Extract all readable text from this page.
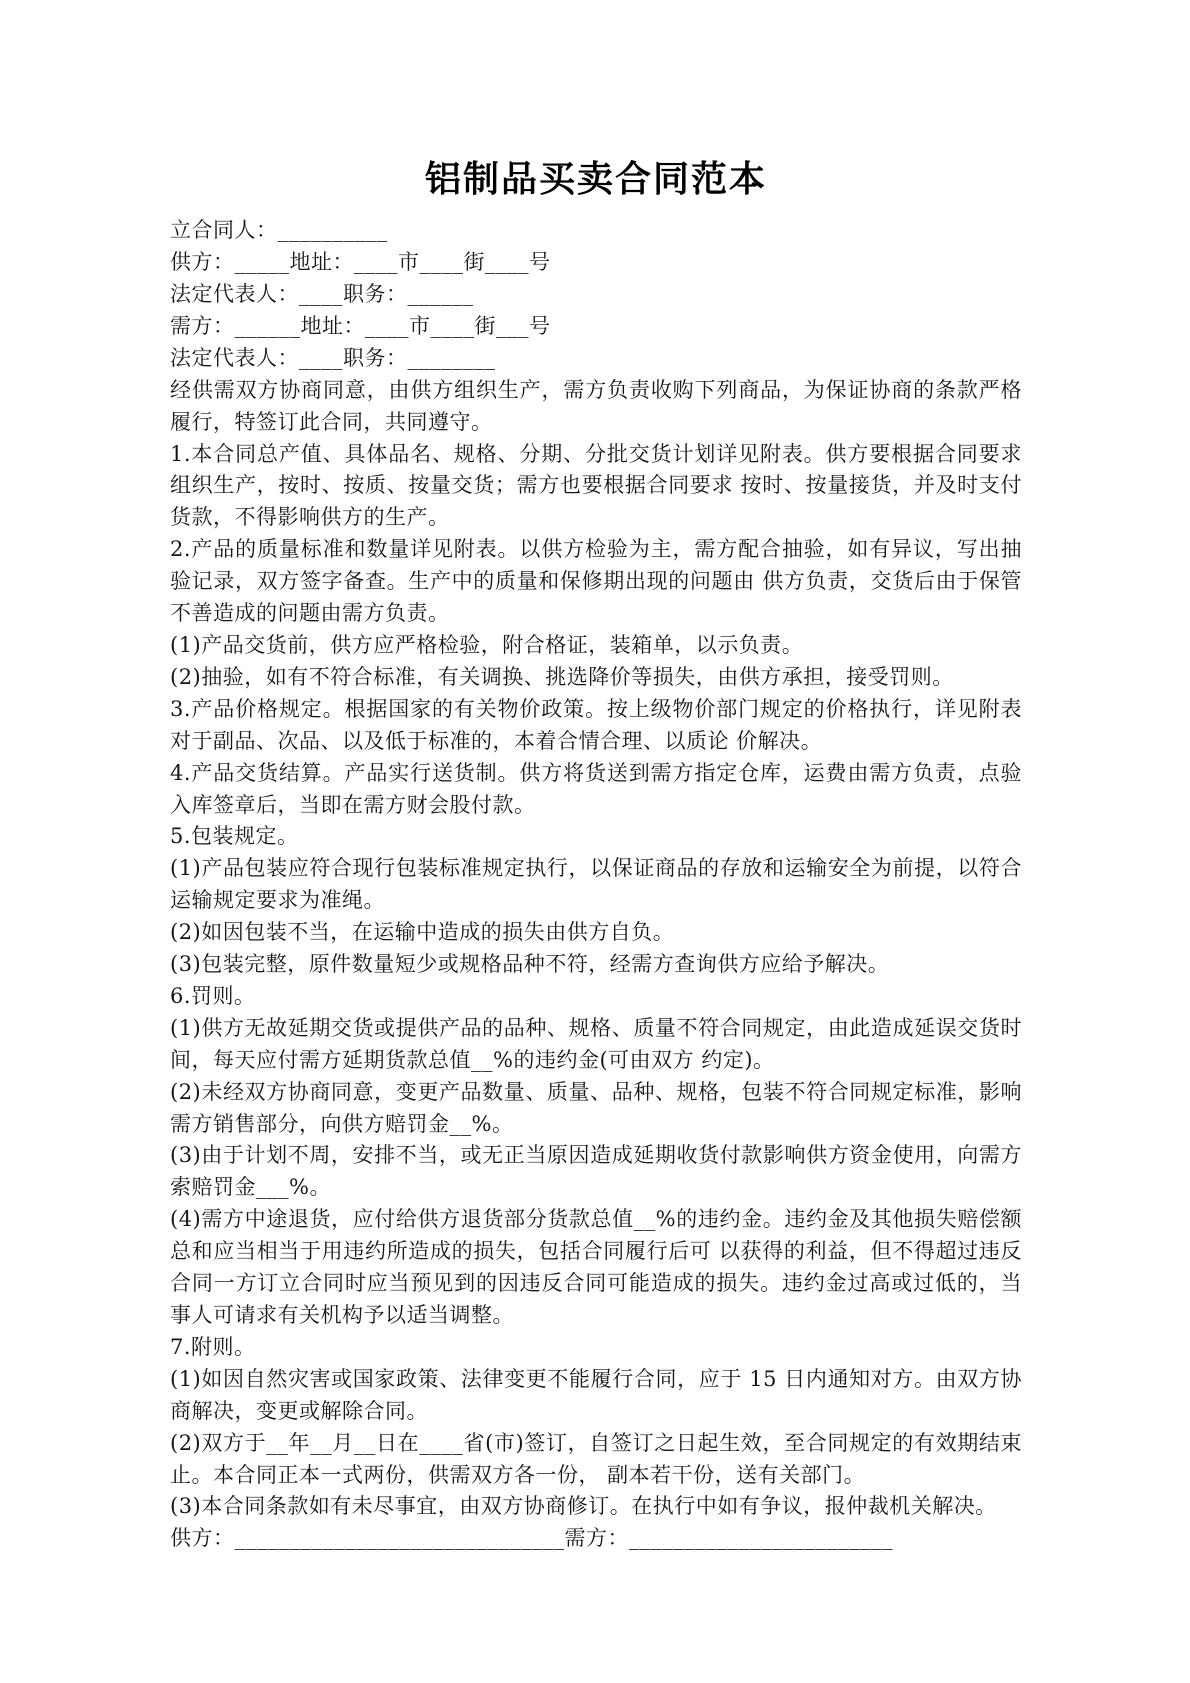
铝制品买卖合同范本

立合同人：__________

供方：_____地址：____市____街____号

法定代表人：____职务：______

需方：______地址：____市____街___号

法定代表人：____职务：________

经供需双方协商同意，由供方组织生产，需方负责收购下列商品，为保证协商的条款严格履行，特签订此合同，共同遵守。

1.本合同总产值、具体品名、规格、分期、分批交货计划详见附表。供方要根据合同要求组织生产，按时、按质、按量交货；需方也要根据合同要求 按时、按量接货，并及时支付货款，不得影响供方的生产。

2.产品的质量标准和数量详见附表。以供方检验为主，需方配合抽验，如有异议，写出抽验记录，双方签字备查。生产中的质量和保修期出现的问题由 供方负责，交货后由于保管不善造成的问题由需方负责。

(1)产品交货前，供方应严格检验，附合格证，装箱单，以示负责。

(2)抽验，如有不符合标准，有关调换、挑选降价等损失，由供方承担，接受罚则。

3.产品价格规定。根据国家的有关物价政策。按上级物价部门规定的价格执行，详见附表对于副品、次品、以及低于标准的，本着合情合理、以质论 价解决。

4.产品交货结算。产品实行送货制。供方将货送到需方指定仓库，运费由需方负责，点验入库签章后，当即在需方财会股付款。

5.包装规定。

(1)产品包装应符合现行包装标准规定执行，以保证商品的存放和运输安全为前提，以符合运输规定要求为准绳。

(2)如因包装不当，在运输中造成的损失由供方自负。

(3)包装完整，原件数量短少或规格品种不符，经需方查询供方应给予解决。

6.罚则。

(1)供方无故延期交货或提供产品的品种、规格、质量不符合同规定，由此造成延误交货时间，每天应付需方延期货款总值__%的违约金(可由双方 约定)。

(2)未经双方协商同意，变更产品数量、质量、品种、规格，包装不符合同规定标准，影响需方销售部分，向供方赔罚金__%。

(3)由于计划不周，安排不当，或无正当原因造成延期收货付款影响供方资金使用，向需方索赔罚金___%。

(4)需方中途退货，应付给供方退货部分货款总值__%的违约金。违约金及其他损失赔偿额总和应当相当于用违约所造成的损失，包括合同履行后可 以获得的利益，但不得超过违反合同一方订立合同时应当预见到的因违反合同可能造成的损失。违约金过高或过低的，当事人可请求有关机构予以适当调整。

7.附则。

(1)如因自然灾害或国家政策、法律变更不能履行合同，应于 15 日内通知对方。由双方协商解决，变更或解除合同。

(2)双方于__年__月__日在____省(市)签订，自签订之日起生效，至合同规定的有效期结束止。本合同正本一式两份，供需双方各一份， 副本若干份，送有关部门。

(3)本合同条款如有未尽事宜，由双方协商修订。在执行中如有争议，报仲裁机关解决。

供方：______________________________需方：________________________
